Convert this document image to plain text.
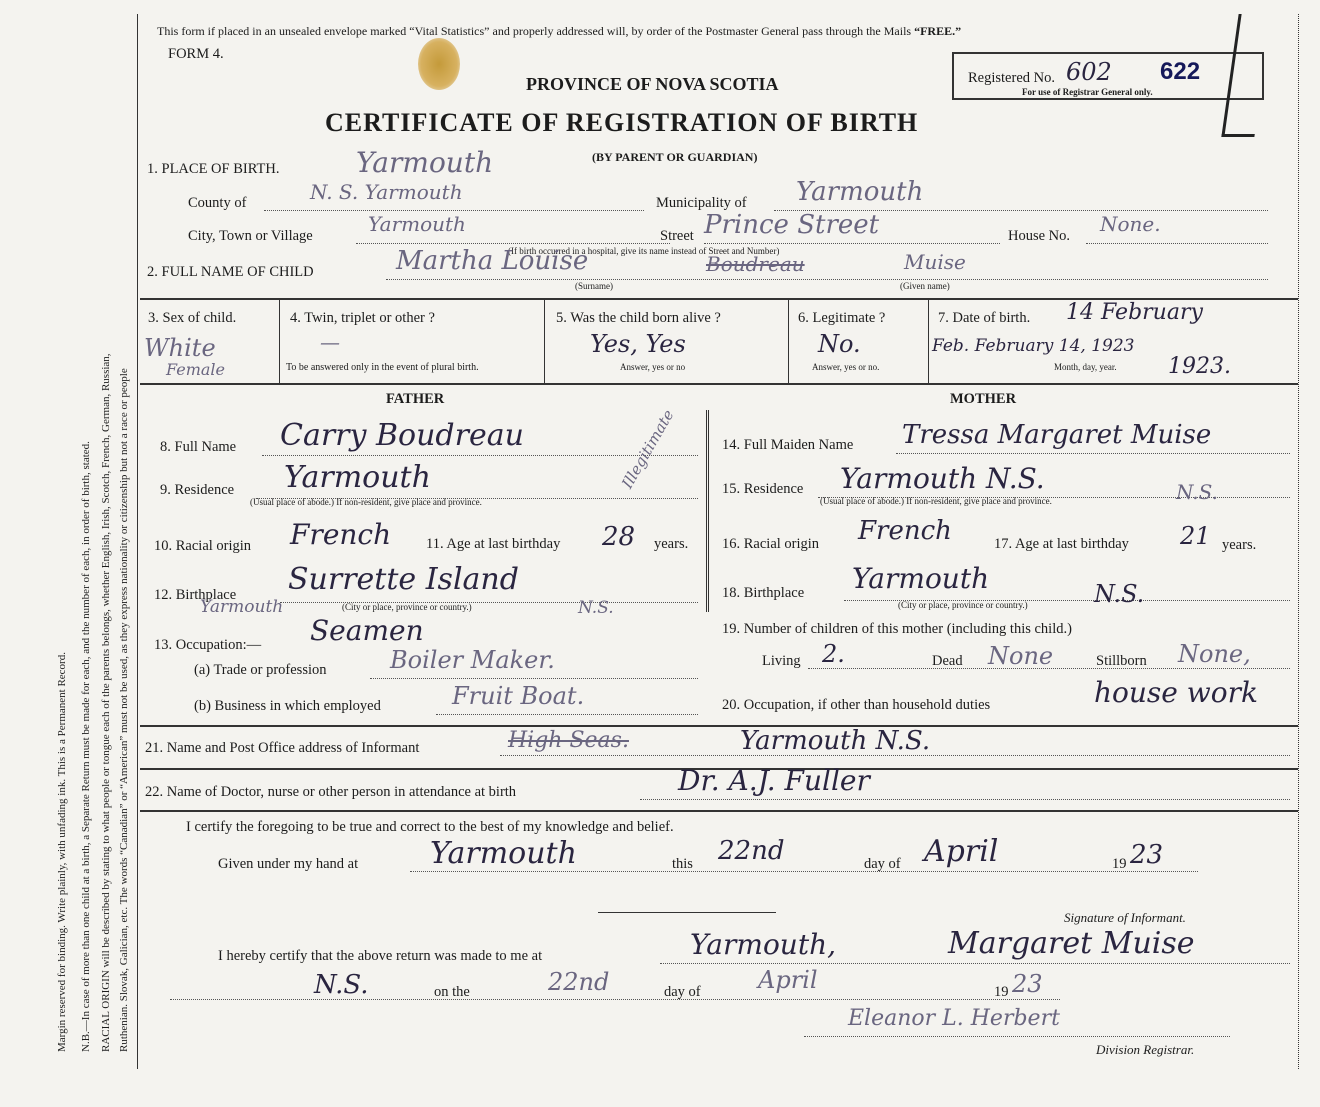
Margin reserved for binding. Write plainly, with unfading ink. This is a Permanent Record. N.B.—In case of more than one child at a birth, a Separate Return must be made for each, and the number of each, in order of birth, stated. RACIAL ORIGIN will be described by stating to what people or tongue each of the parents belongs, whether English, Irish, Scotch, French, German, Russian, Ruthenian. Slovak, Galician, etc. The words “Canadian” or “American” must not be used, as they express nationality or citizenship but not a race or people
This form if placed in an unsealed envelope marked “Vital Statistics” and properly addressed will, by order of the Postmaster General pass through the Mails “FREE.”
FORM 4.
PROVINCE OF NOVA SCOTIA	Registered No. 602 622
For use of Registrar General only.
CERTIFICATE OF REGISTRATION OF BIRTH
1. PLACE OF BIRTH.	Yarmouth	(BY PARENT OR GUARDIAN)
County of	N. S. Yarmouth	Municipality of Yarmouth
City, Town or Village	Yarmouth	Street Prince Street
(If birth occurred in a hospital, give its name instead of Street and Number)
House No. None.
2. FULL NAME OF CHILD	Martha Louise	Boudreau	Muise
(Surname)	(Given name)
3. Sex of child.
White
Female
4. Twin, triplet or other ?
—
To be answered only in the event of plural birth.
5. Was the child born alive ?
Yes, Yes
Answer, yes or no
6. Legitimate ?
No.
Answer, yes or no.
7. Date of birth. 14 February
Feb. February 14, 1923
1923.
Month, day, year.
FATHER	MOTHER
8. Full Name Carry Boudreau	Illegitimate
9. Residence Yarmouth
(Usual place of abode.) If non-resident, give place and province.
10. Racial origin French 11. Age at last birthday 28 years.
12. Birthplace Surrette Island
Yarmouth	N.S.
(City or place, province or country.)
13. Occupation:— Seamen
(a) Trade or profession	Boiler Maker.
(b) Business in which employed	Fruit Boat.
14. Full Maiden Name Tressa Margaret Muise
15. Residence Yarmouth N.S.	N.S.
(Usual place of abode.) If non-resident, give place and province.
16. Racial origin French	17. Age at last birthday 21 years.
18. Birthplace Yarmouth	N.S.
(City or place, province or country.)
19. Number of children of this mother (including this child.)
Living 2.	Dead None	Stillborn None,
20. Occupation, if other than household duties	house work
21. Name and Post Office address of Informant	High Seas.	Yarmouth N.S.
22. Name of Doctor, nurse or other person in attendance at birth	Dr. A.J. Fuller
I certify the foregoing to be true and correct to the best of my knowledge and belief.
Given under my hand at Yarmouth	this 22nd	day of April	19 23
Signature of Informant.
I hereby certify that the above return was made to me at	Yarmouth,	Margaret Muise
N.S.	on the	22nd	day of April	19 23
Eleanor L. Herbert
Division Registrar.
